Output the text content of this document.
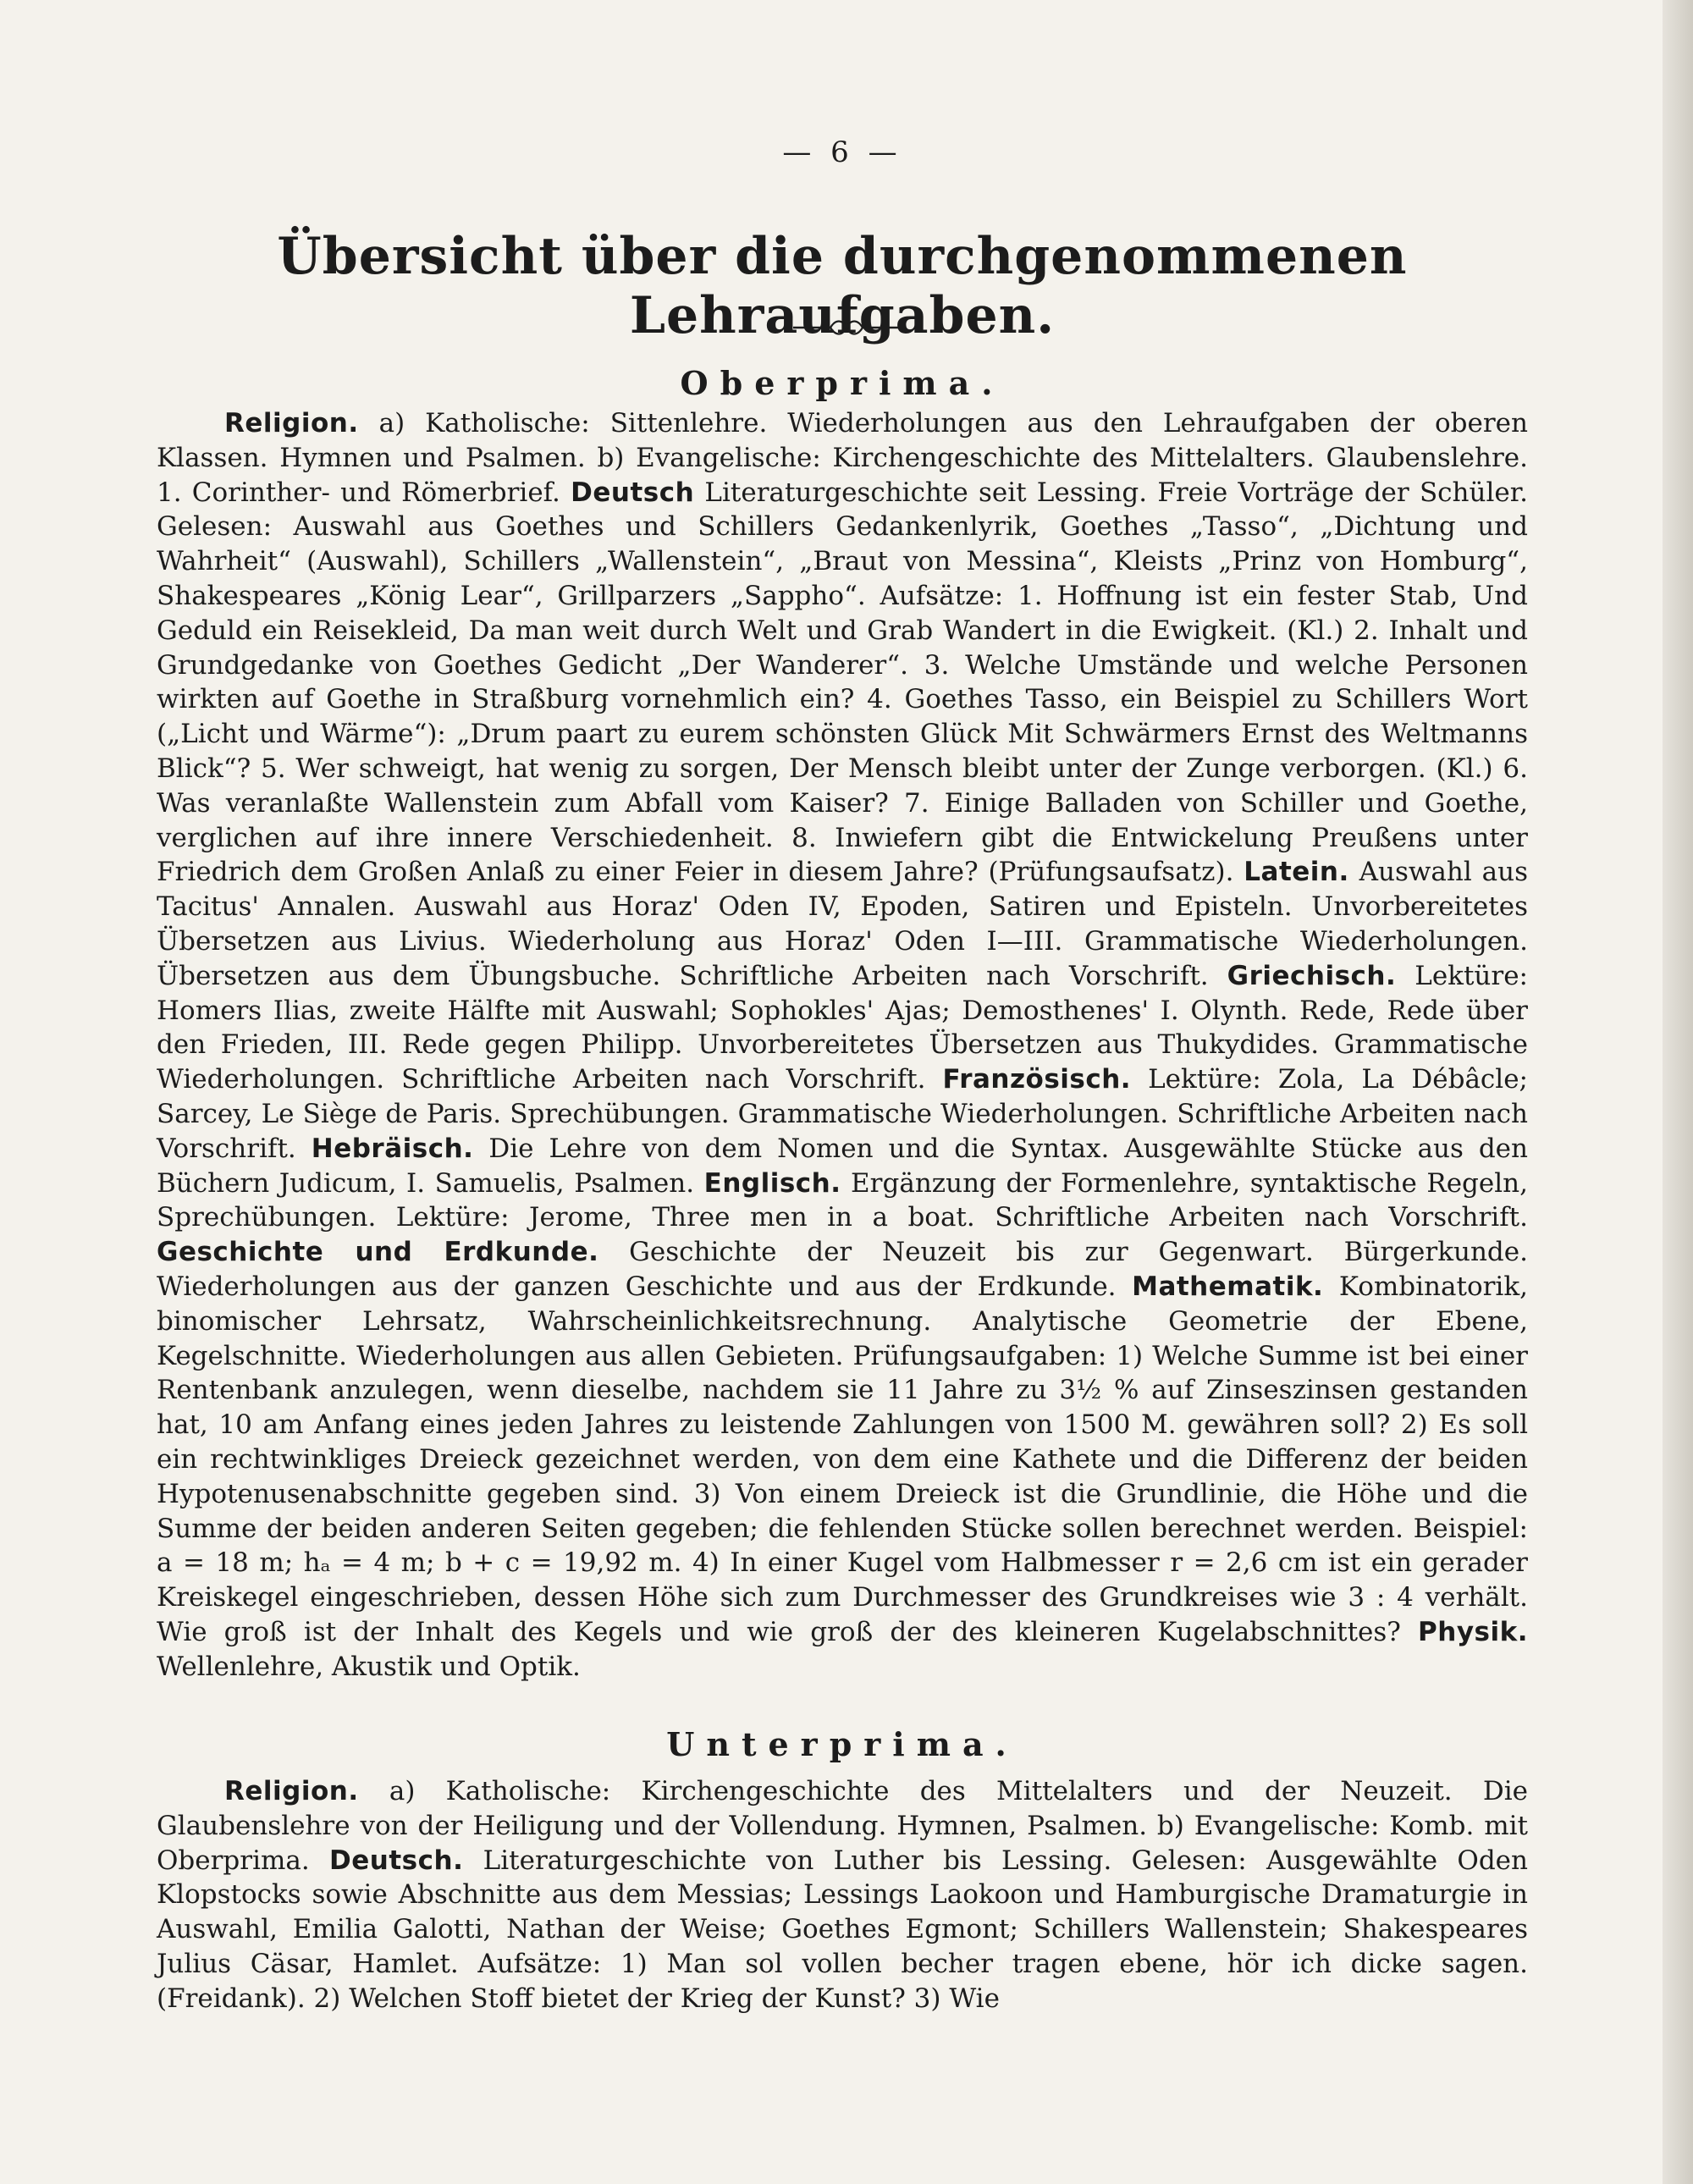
— 6 —
Übersicht über die durchgenommenen Lehraufgaben.
Oberprima.

Religion. a) Katholische: Sittenlehre. Wiederholungen aus den Lehraufgaben der oberen Klassen. Hymnen und Psalmen. b) Evangelische: Kirchengeschichte des Mittelalters. Glaubenslehre. 1. Corinther- und Römerbrief. Deutsch Literaturgeschichte seit Lessing. Freie Vorträge der Schüler. Gelesen: Auswahl aus Goethes und Schillers Gedankenlyrik, Goethes „Tasso“, „Dichtung und Wahrheit“ (Auswahl), Schillers „Wallenstein“, „Braut von Messina“, Kleists „Prinz von Homburg“, Shakespeares „König Lear“, Grillparzers „Sappho“. Aufsätze: 1. Hoffnung ist ein fester Stab, Und Geduld ein Reisekleid, Da man weit durch Welt und Grab Wandert in die Ewigkeit. (Kl.) 2. Inhalt und Grundgedanke von Goethes Gedicht „Der Wanderer“. 3. Welche Umstände und welche Personen wirkten auf Goethe in Straßburg vornehmlich ein? 4. Goethes Tasso, ein Beispiel zu Schillers Wort („Licht und Wärme“): „Drum paart zu eurem schönsten Glück Mit Schwärmers Ernst des Weltmanns Blick“? 5. Wer schweigt, hat wenig zu sorgen, Der Mensch bleibt unter der Zunge verborgen. (Kl.) 6. Was veranlaßte Wallenstein zum Abfall vom Kaiser? 7. Einige Balladen von Schiller und Goethe, verglichen auf ihre innere Verschiedenheit. 8. Inwiefern gibt die Entwickelung Preußens unter Friedrich dem Großen Anlaß zu einer Feier in diesem Jahre? (Prüfungsaufsatz). Latein. Auswahl aus Tacitus' Annalen. Auswahl aus Horaz' Oden IV, Epoden, Satiren und Episteln. Unvorbereitetes Übersetzen aus Livius. Wiederholung aus Horaz' Oden I—III. Grammatische Wiederholungen. Übersetzen aus dem Übungsbuche. Schriftliche Arbeiten nach Vorschrift. Griechisch. Lektüre: Homers Ilias, zweite Hälfte mit Auswahl; Sophokles' Ajas; Demosthenes' I. Olynth. Rede, Rede über den Frieden, III. Rede gegen Philipp. Unvorbereitetes Übersetzen aus Thukydides. Grammatische Wiederholungen. Schriftliche Arbeiten nach Vorschrift. Französisch. Lektüre: Zola, La Débâcle; Sarcey, Le Siège de Paris. Sprechübungen. Grammatische Wiederholungen. Schriftliche Arbeiten nach Vorschrift. Hebräisch. Die Lehre von dem Nomen und die Syntax. Ausgewählte Stücke aus den Büchern Judicum, I. Samuelis, Psalmen. Englisch. Ergänzung der Formenlehre, syntaktische Regeln, Sprechübungen. Lektüre: Jerome, Three men in a boat. Schriftliche Arbeiten nach Vorschrift. Geschichte und Erdkunde. Geschichte der Neuzeit bis zur Gegenwart. Bürgerkunde. Wiederholungen aus der ganzen Geschichte und aus der Erdkunde. Mathematik. Kombinatorik, binomischer Lehrsatz, Wahrscheinlichkeitsrechnung. Analytische Geometrie der Ebene, Kegelschnitte. Wiederholungen aus allen Gebieten. Prüfungsaufgaben: 1) Welche Summe ist bei einer Rentenbank anzulegen, wenn dieselbe, nachdem sie 11 Jahre zu 3½ % auf Zinseszinsen gestanden hat, 10 am Anfang eines jeden Jahres zu leistende Zahlungen von 1500 M. gewähren soll? 2) Es soll ein rechtwinkliges Dreieck gezeichnet werden, von dem eine Kathete und die Differenz der beiden Hypotenusenabschnitte gegeben sind. 3) Von einem Dreieck ist die Grundlinie, die Höhe und die Summe der beiden anderen Seiten gegeben; die fehlenden Stücke sollen berechnet werden. Beispiel: a = 18 m; hₐ = 4 m; b + c = 19,92 m. 4) In einer Kugel vom Halbmesser r = 2,6 cm ist ein gerader Kreiskegel eingeschrieben, dessen Höhe sich zum Durchmesser des Grundkreises wie 3 : 4 verhält. Wie groß ist der Inhalt des Kegels und wie groß der des kleineren Kugelabschnittes? Physik. Wellenlehre, Akustik und Optik.

Unterprima.

Religion. a) Katholische: Kirchengeschichte des Mittelalters und der Neuzeit. Die Glaubenslehre von der Heiligung und der Vollendung. Hymnen, Psalmen. b) Evangelische: Komb. mit Oberprima. Deutsch. Literaturgeschichte von Luther bis Lessing. Gelesen: Ausgewählte Oden Klopstocks sowie Abschnitte aus dem Messias; Lessings Laokoon und Hamburgische Dramaturgie in Auswahl, Emilia Galotti, Nathan der Weise; Goethes Egmont; Schillers Wallenstein; Shakespeares Julius Cäsar, Hamlet. Aufsätze: 1) Man sol vollen becher tragen ebene, hör ich dicke sagen. (Freidank). 2) Welchen Stoff bietet der Krieg der Kunst? 3) Wie
